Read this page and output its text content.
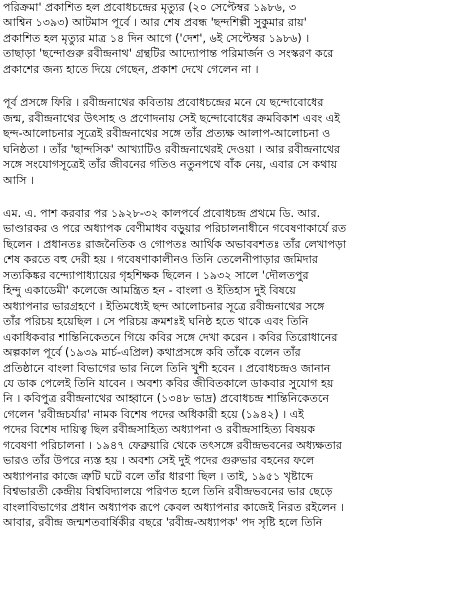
পরিক্রমা' প্রকাশিত হল প্রবোধচন্দ্রের মৃত্যুর (২০ সেপ্টেম্বর ১৯৮৬, ৩
আশ্বিন ১৩৯৩) আটমাস পূর্বে । আর শেষ প্রবন্ধ 'ছন্দশিল্পী সুকুমার রায়'
প্রকাশিত হল মৃত্যুর মাত্র ১৪ দিন আগে ('দেশ', ৬ই সেপ্টেম্বর ১৯৮৬) ।
তাছাড়া 'ছন্দোগুরু রবীন্দ্রনাথ' গ্রন্থটির আদ্যোপান্ত পরিমার্জন ও সংস্করণ করে
প্রকাশের জন্য হাতে দিয়ে গেছেন, প্রকাশ দেখে গেলেন না ।
পূর্ব প্রসঙ্গে ফিরি । রবীন্দ্রনাথের কবিতায় প্রবোধচন্দ্রের মনে যে ছন্দোবোধের
জন্ম, রবীন্দ্রনাথের উৎসাহ ও প্রণোদনায় সেই ছন্দোবোধের ক্রমবিকাশ এবং এই
ছন্দ-আলোচনার সূত্রেই রবীন্দ্রনাথের সঙ্গে তাঁর প্রত্যক্ষ আলাপ-আলোচনা ও
ঘনিষ্ঠতা । তাঁর 'ছান্দসিক' আখ্যাটিও রবীন্দ্রনাথেরই দেওয়া । আর রবীন্দ্রনাথের
সঙ্গে সংযোগসূত্রেই তাঁর জীবনের গতিও নতুনপথে বাঁক নেয়, এবার সে কথায়
আসি ।
এম. এ. পাশ করবার পর ১৯২৮-৩২ কালপর্বে প্রবোধচন্দ্র প্রথমে ডি. আর.
ভাণ্ডারকর ও পরে অধ্যাপক বেণীমাধব বড়ুয়ার পরিচালনাধীনে গবেষণাকার্যে রত
ছিলেন । প্রধানতঃ রাজনৈতিক ও গোপতঃ আর্থিক অভাববশতঃ তাঁর লেখাপড়া
শেষ করতে বহু দেরী হয় । গবেষণাকালীনও তিনি তেলেনীপাড়ার জমিদার
সত্যকিঙ্কর বন্দ্যোপাধ্যায়ের গৃহশিক্ষক ছিলেন । ১৯৩২ সালে 'দৌলতপুর
হিন্দু একাডেমী' কলেজে আমন্ত্রিত হন - বাংলা ও ইতিহাস দুই বিষয়ে
অধ্যাপনার ভারগ্রহণে । ইতিমধ্যেই ছন্দ আলোচনার সূত্রে রবীন্দ্রনাথের সঙ্গে
তাঁর পরিচয় হয়েছিল । সে পরিচয় ক্রমশঃই ঘনিষ্ঠ হতে থাকে এবং তিনি
একাধিকবার শান্তিনিকেতনে গিয়ে কবির সঙ্গে দেখা করেন । কবির তিরোধানের
অল্পকাল পূর্বে (১৯৩৯ মার্চ-এপ্রিল) কথাপ্রসঙ্গে কবি তাঁকে বলেন তাঁর
প্রতিষ্ঠানে বাংলা বিভাগের ভার নিলে তিনি খুশী হবেন । প্রবোধচন্দ্রও জানান
যে ডাক পেলেই তিনি যাবেন । অবশ্য কবির জীবিতকালে ডাকবার সুযোগ হয়
নি । কবিপুত্র রবীন্দ্রনাথের আহ্বানে (১৩৪৮ ভাদ্র) প্রবোধচন্দ্র শান্তিনিকেতনে
গেলেন 'রবীন্দ্রচর্যার' নামক বিশেষ পদের অধিকারী হয়ে (১৯৪২) । এই
পদের বিশেষ দায়িত্ব ছিল রবীন্দ্রসাহিত্য অধ্যাপনা ও রবীন্দ্রসাহিত্য বিষয়ক
গবেষণা পরিচালনা । ১৯৪৭ ফেব্রুয়ারি থেকে তৎসঙ্গে রবীন্দ্রভবনের অধ্যক্ষতার
ভারও তাঁর উপরে ন্যস্ত হয় । অবশ্য সেই দুই পদের গুরুভার বহনের ফলে
অধ্যাপনার কাজে ত্রুটি ঘটে বলে তাঁর ধারণা ছিল । তাই, ১৯৫১ খৃষ্টাব্দে
বিশ্বভারতী কেন্দ্রীয় বিশ্ববিদ্যালয়ে পরিণত হলে তিনি রবীন্দ্রভবনের ভার ছেড়ে
বাংলাবিভাগের প্রধান অধ্যাপক রূপে কেবল অধ্যাপনার কাজেই নিরত রইলেন ।
আবার, রবীন্দ্র জন্মশতবার্ষিকীর বছরে 'রবীন্দ্র-অধ্যাপক' পদ সৃষ্টি হলে তিনি
